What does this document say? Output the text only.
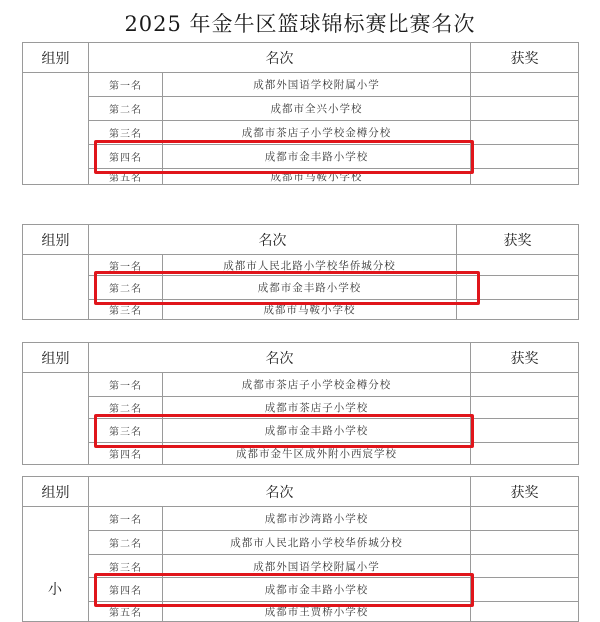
2025 年金牛区篮球锦标赛比赛名次
组别	名次		获奖
	第一名	成都外国语学校附属小学	
	第二名	成都市全兴小学校	
	第三名	成都市茶店子小学校金樽分校	
	第四名	成都市金丰路小学校	
	第五名	成都市马鞍小学校	
组别	名次		获奖
	第一名	成都市人民北路小学校华侨城分校	
	第二名	成都市金丰路小学校	
	第三名	成都市马鞍小学校	
组别	名次		获奖
	第一名	成都市茶店子小学校金樽分校	
	第二名	成都市茶店子小学校	
	第三名	成都市金丰路小学校	
	第四名	成都市金牛区成外附小西宸学校	
组别	名次		获奖
小	第一名	成都市沙湾路小学校	
	第二名	成都市人民北路小学校华侨城分校	
	第三名	成都外国语学校附属小学	
	第四名	成都市金丰路小学校	
	第五名	成都市王贾桥小学校	
